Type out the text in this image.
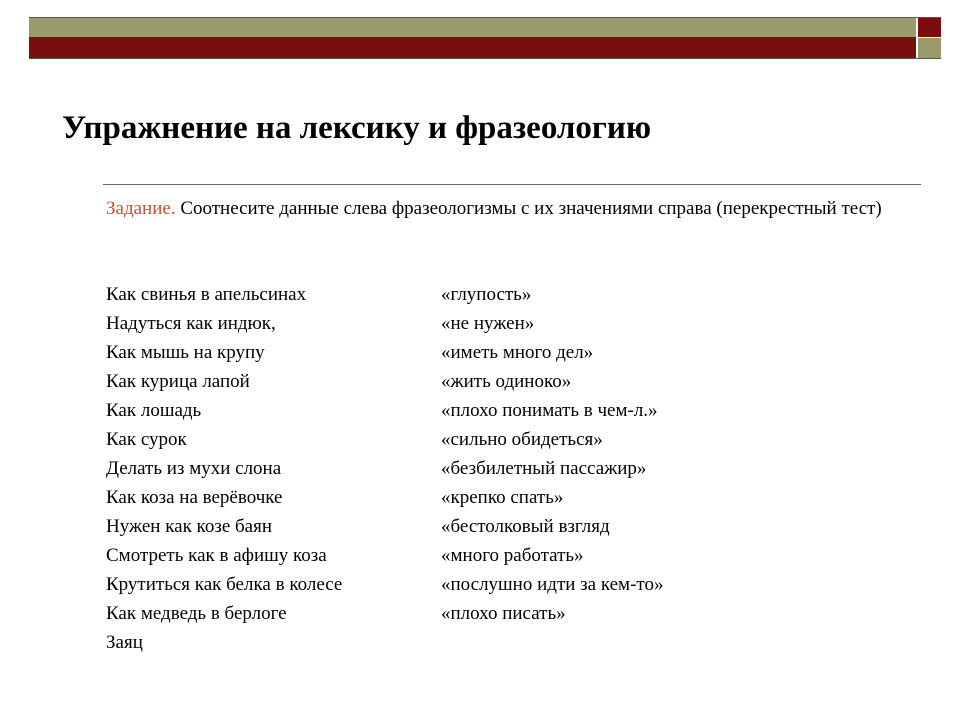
Упражнение на лексику и фразеологию
Задание. Соотнесите данные слева фразеологизмы с их значениями справа (перекрестный тест)
Как свинья в апельсинах	«глупость»
Надуться как индюк,	«не нужен»
Как мышь на крупу	«иметь много дел»
Как курица лапой	«жить одиноко»
Как лошадь	«плохо понимать в чем-л.»
Как сурок	«сильно обидеться»
Делать из мухи слона	«безбилетный пассажир»
Как коза на верёвочке	«крепко спать»
Нужен как козе баян	«бестолковый взгляд
Смотреть как в афишу коза	«много работать»
Крутиться как белка в колесе	«послушно идти за кем-то»
Как медведь в берлоге	«плохо писать»
Заяц
